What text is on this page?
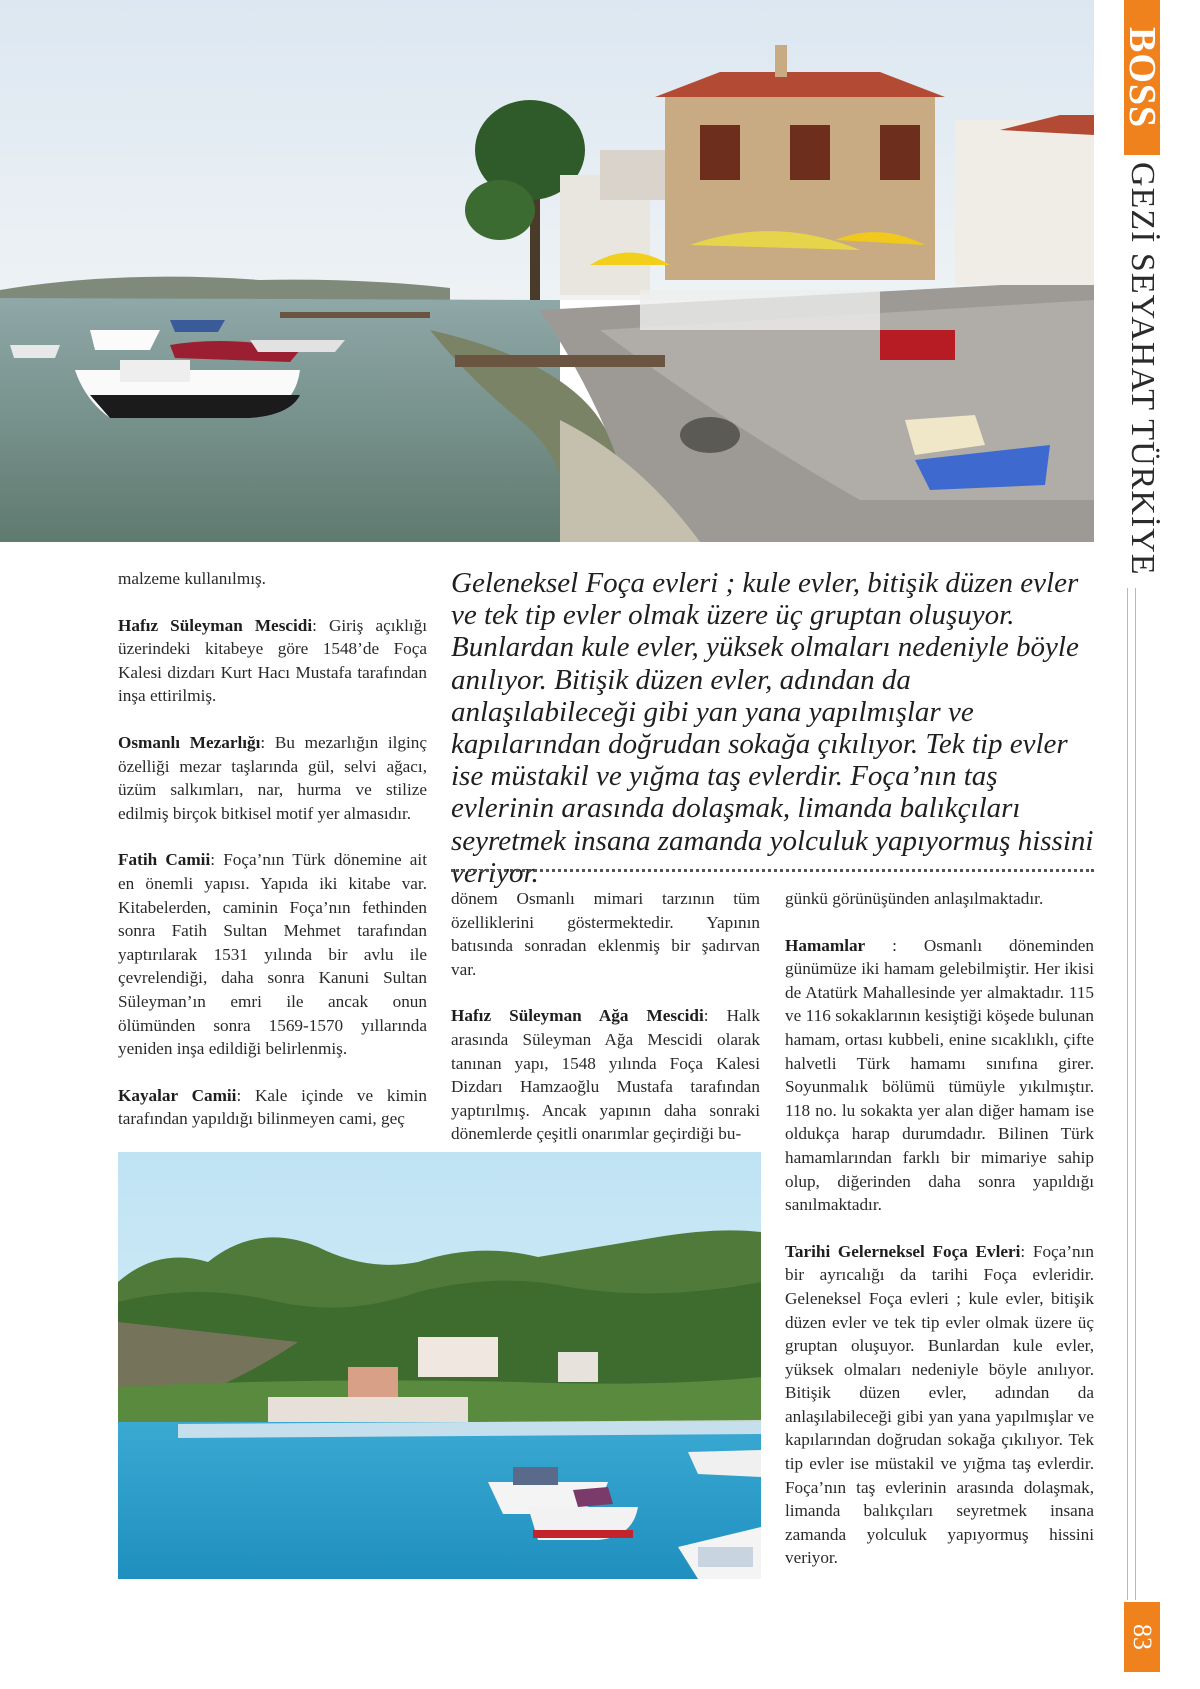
BOSS
GEZİ SEYAHAT TÜRKİYE
83

malzeme kullanılmış.

Hafız Süleyman Mescidi: Giriş açıklığı üzerindeki kitabeye göre 1548’de Foça Kalesi dizdarı Kurt Hacı Mustafa tarafından inşa ettirilmiş.

Osmanlı Mezarlığı: Bu mezarlığın ilginç özelliği mezar taşlarında gül, selvi ağacı, üzüm salkımları, nar, hurma ve stilize edilmiş birçok bitkisel motif yer almasıdır.

Fatih Camii: Foça’nın Türk dönemine ait en önemli yapısı. Yapıda iki kitabe var. Kitabelerden, caminin Foça’nın fethinden sonra Fatih Sultan Mehmet tarafından yaptırılarak 1531 yılında bir avlu ile çevrelendiği, daha sonra Kanuni Sultan Süleyman’ın emri ile ancak onun ölümünden sonra 1569-1570 yıllarında yeniden inşa edildiği belirlenmiş.

Kayalar Camii: Kale içinde ve kimin tarafından yapıldığı bilinmeyen cami, geç

Geleneksel Foça evleri ; kule evler, bitişik düzen evler ve tek tip evler olmak üzere üç gruptan oluşuyor. Bunlardan kule evler, yüksek olmaları nedeniyle böyle anılıyor. Bitişik düzen evler, adından da anlaşılabileceği gibi yan yana yapılmışlar ve kapılarından doğrudan sokağa çıkılıyor. Tek tip evler ise müstakil ve yığma taş evlerdir. Foça’nın taş evlerinin arasında dolaşmak, limanda balıkçıları seyretmek insana zamanda yolculuk yapıyormuş hissini veriyor.

dönem Osmanlı mimari tarzının tüm özelliklerini göstermektedir. Yapının batısında sonradan eklenmiş bir şadırvan var.

Hafız Süleyman Ağa Mescidi: Halk arasında Süleyman Ağa Mescidi olarak tanınan yapı, 1548 yılında Foça Kalesi Dizdarı Hamzaoğlu Mustafa tarafından yaptırılmış. Ancak yapının daha sonraki dönemlerde çeşitli onarımlar geçirdiği bu-

günkü görünüşünden anlaşılmaktadır.

Hamamlar : Osmanlı döneminden günümüze iki hamam gelebilmiştir. Her ikisi de Atatürk Mahallesinde yer almaktadır. 115 ve 116 sokaklarının kesiştiği köşede bulunan hamam, ortası kubbeli, enine sıcaklıklı, çifte halvetli Türk hamamı sınıfına girer. Soyunmalık bölümü tümüyle yıkılmıştır. 118 no. lu sokakta yer alan diğer hamam ise oldukça harap durumdadır. Bilinen Türk hamamlarından farklı bir mimariye sahip olup, diğerinden daha sonra yapıldığı sanılmaktadır.

Tarihi Gelerneksel Foça Evleri: Foça’nın bir ayrıcalığı da tarihi Foça evleridir. Geleneksel Foça evleri ; kule evler, bitişik düzen evler ve tek tip evler olmak üzere üç gruptan oluşuyor. Bunlardan kule evler, yüksek olmaları nedeniyle böyle anılıyor. Bitişik düzen evler, adından da anlaşılabileceği gibi yan yana yapılmışlar ve kapılarından doğrudan sokağa çıkılıyor. Tek tip evler ise müstakil ve yığma taş evlerdir. Foça’nın taş evlerinin arasında dolaşmak, limanda balıkçıları seyretmek insana zamanda yolculuk yapıyormuş hissini veriyor.
